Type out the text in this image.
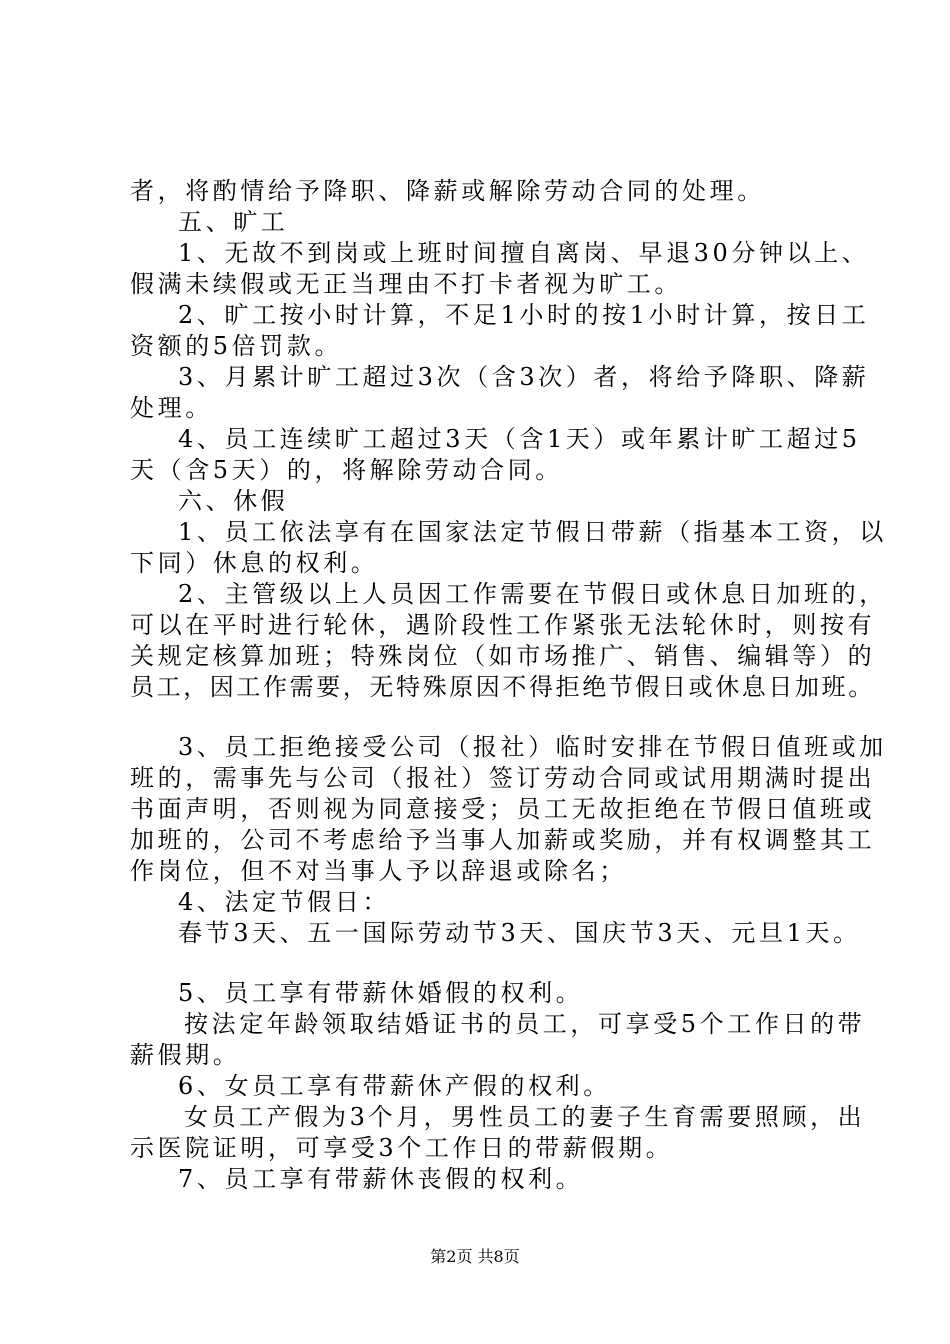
者，将酌情给予降职、降薪或解除劳动合同的处理。
五、旷工
1、无故不到岗或上班时间擅自离岗、早退30分钟以上、
假满未续假或无正当理由不打卡者视为旷工。
2、旷工按小时计算，不足1小时的按1小时计算，按日工
资额的5倍罚款。
3、月累计旷工超过3次（含3次）者，将给予降职、降薪
处理。
4、员工连续旷工超过3天（含1天）或年累计旷工超过5
天（含5天）的，将解除劳动合同。
六、休假
1、员工依法享有在国家法定节假日带薪（指基本工资，以
下同）休息的权利。
2、主管级以上人员因工作需要在节假日或休息日加班的，
可以在平时进行轮休，遇阶段性工作紧张无法轮休时，则按有
关规定核算加班；特殊岗位（如市场推广、销售、编辑等）的
员工，因工作需要，无特殊原因不得拒绝节假日或休息日加班。
3、员工拒绝接受公司（报社）临时安排在节假日值班或加
班的，需事先与公司（报社）签订劳动合同或试用期满时提出
书面声明，否则视为同意接受；员工无故拒绝在节假日值班或
加班的，公司不考虑给予当事人加薪或奖励，并有权调整其工
作岗位，但不对当事人予以辞退或除名；
4、法定节假日：
春节3天、五一国际劳动节3天、国庆节3天、元旦1天。
5、员工享有带薪休婚假的权利。
按法定年龄领取结婚证书的员工，可享受5个工作日的带
薪假期。
6、女员工享有带薪休产假的权利。
女员工产假为3个月，男性员工的妻子生育需要照顾，出
示医院证明，可享受3个工作日的带薪假期。
7、员工享有带薪休丧假的权利。
第2页 共8页
